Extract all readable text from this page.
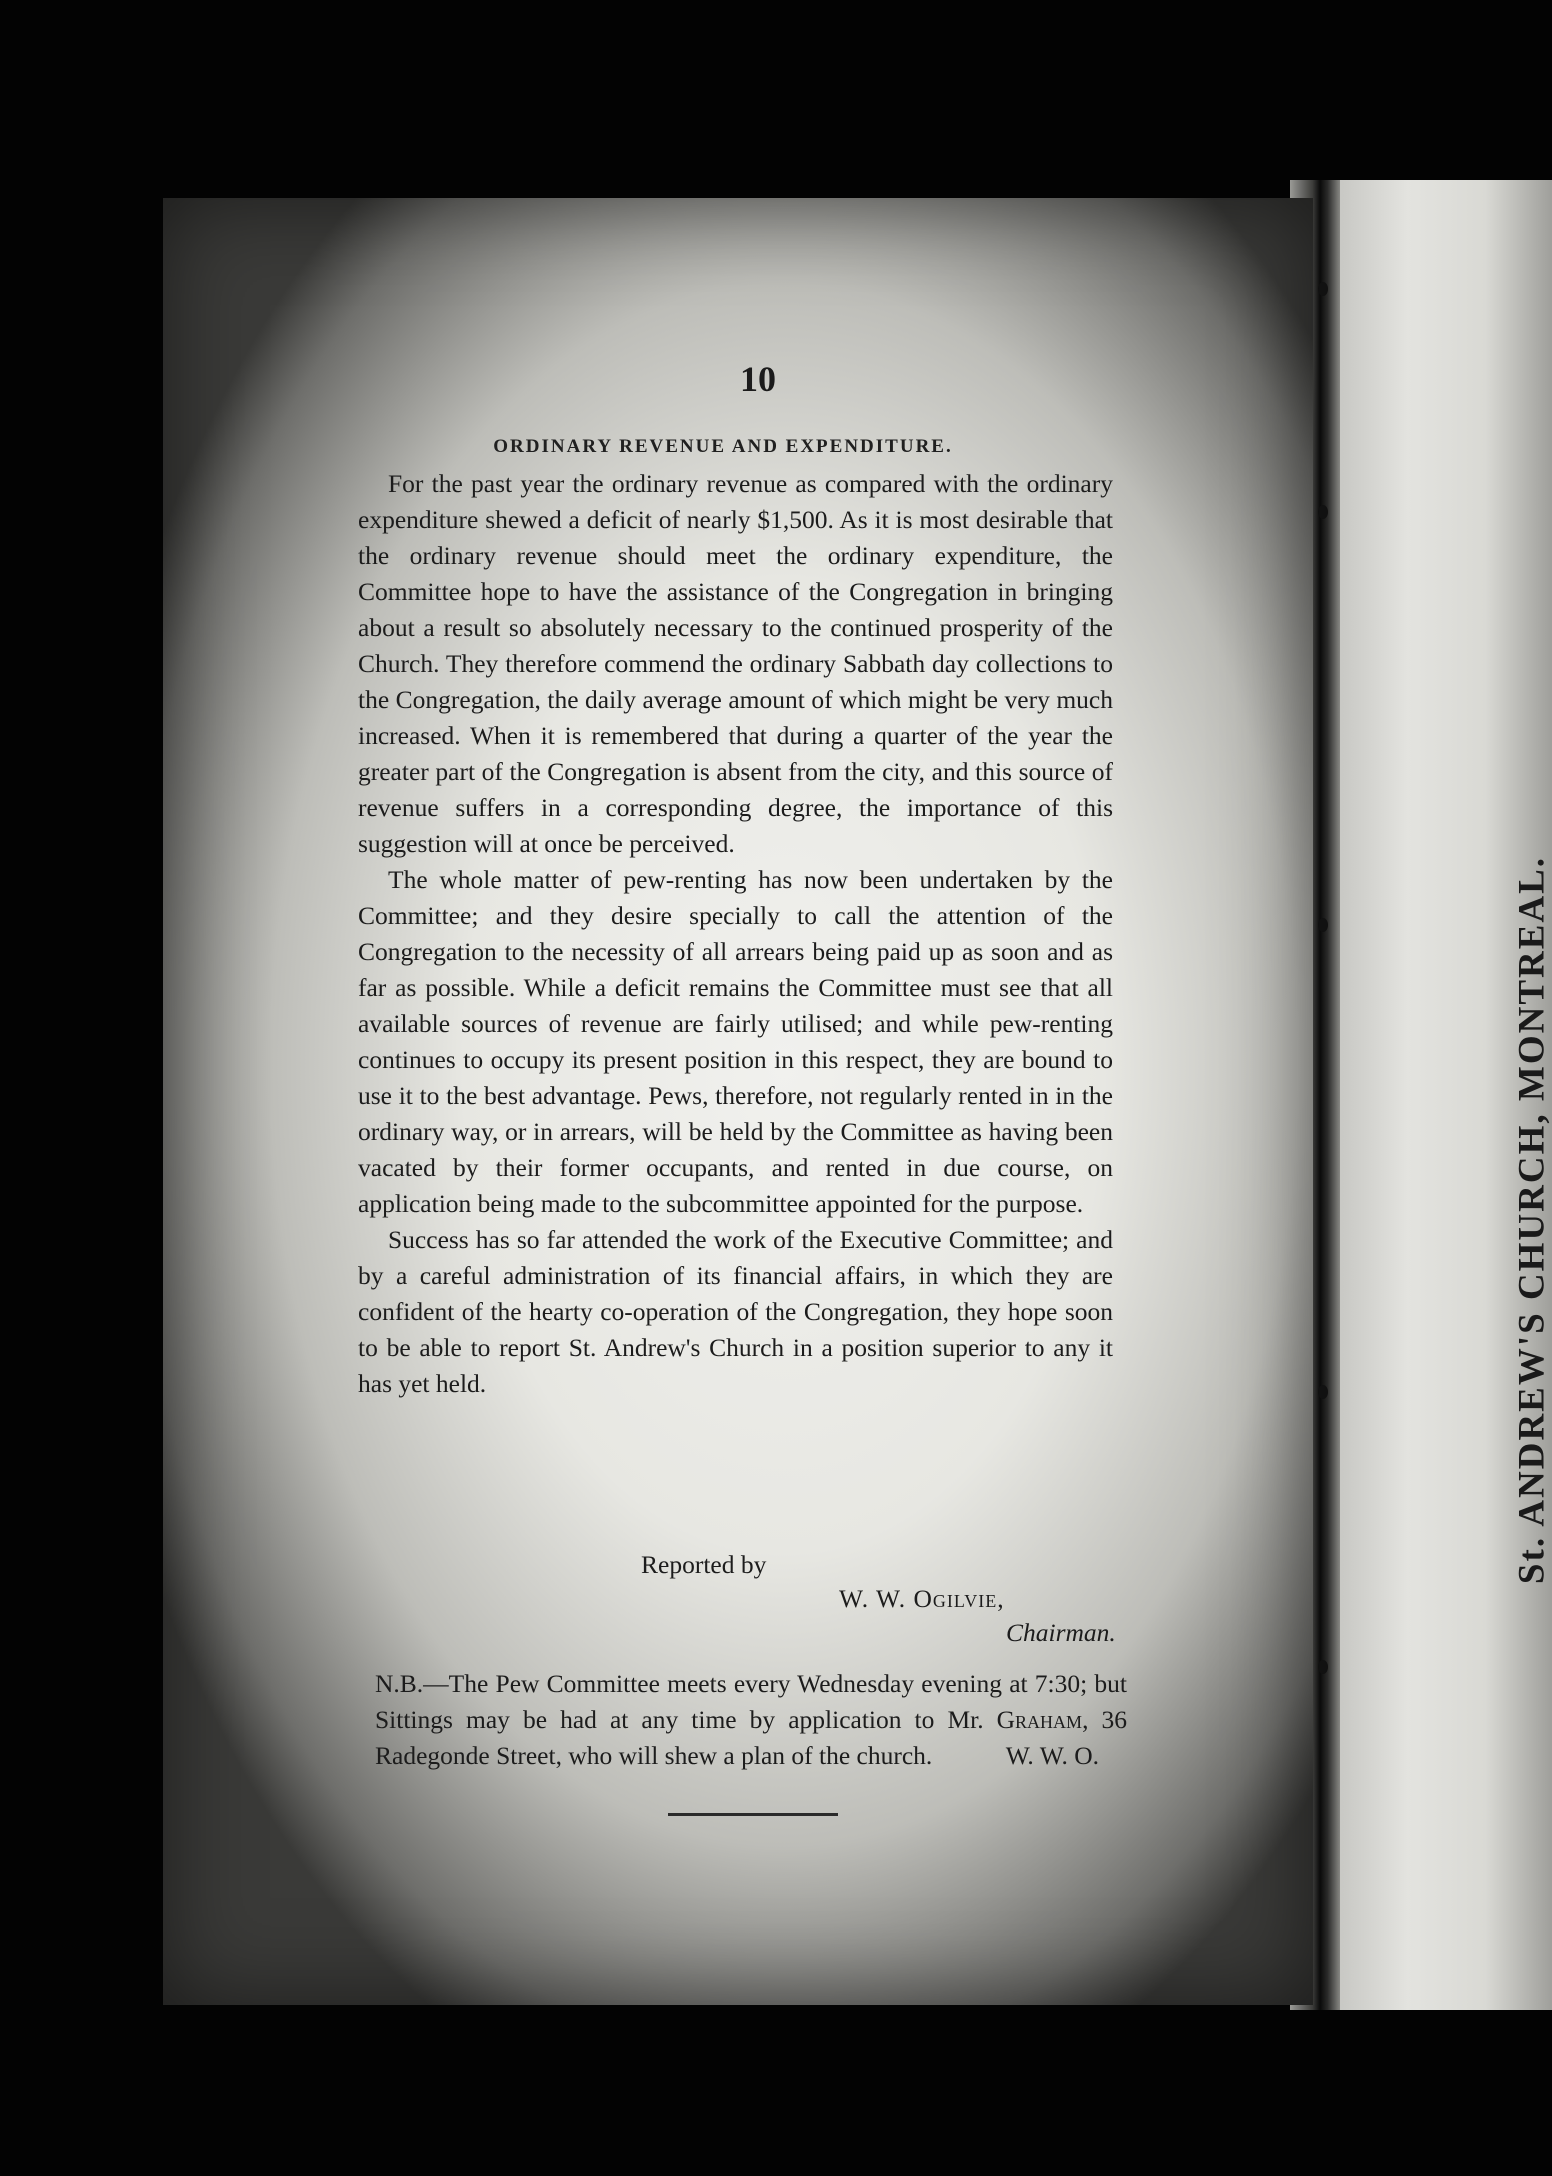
St. ANDREW'S CHURCH, MONTREAL.
10
ORDINARY REVENUE AND EXPENDITURE.

For the past year the ordinary revenue as compared with the ordinary expenditure shewed a deficit of nearly $1,500. As it is most desirable that the ordinary revenue should meet the ordinary expenditure, the Committee hope to have the assistance of the Congregation in bringing about a result so absolutely necessary to the continued prosperity of the Church. They therefore commend the ordinary Sabbath day collections to the Congregation, the daily average amount of which might be very much increased. When it is remembered that during a quarter of the year the greater part of the Congregation is absent from the city, and this source of revenue suffers in a corresponding degree, the importance of this suggestion will at once be perceived.

The whole matter of pew-renting has now been undertaken by the Committee; and they desire specially to call the attention of the Congregation to the necessity of all arrears being paid up as soon and as far as possible. While a deficit remains the Committee must see that all available sources of revenue are fairly utilised; and while pew-renting continues to occupy its present position in this respect, they are bound to use it to the best advantage. Pews, therefore, not regularly rented in in the ordinary way, or in arrears, will be held by the Committee as having been vacated by their former occupants, and rented in due course, on application being made to the subcommittee appointed for the purpose.

Success has so far attended the work of the Executive Committee; and by a careful administration of its financial affairs, in which they are confident of the hearty co-operation of the Congregation, they hope soon to be able to report St. Andrew's Church in a position superior to any it has yet held.

Reported by
W. W. Ogilvie,
Chairman.
N.B.—The Pew Committee meets every Wednesday evening at 7:30; but Sittings may be had at any time by application to Mr. Graham, 36 Radegonde Street, who will shew a plan of the church.	W. W. O.
